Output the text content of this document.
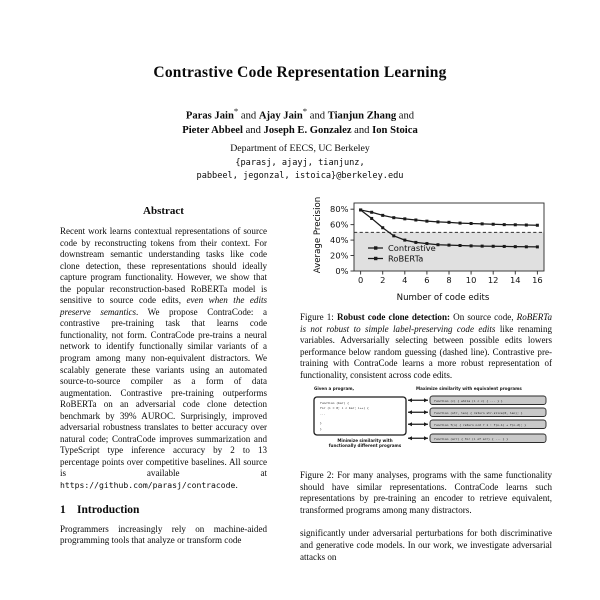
Contrastive Code Representation Learning
Paras Jain* and Ajay Jain* and Tianjun Zhang and
Pieter Abbeel and Joseph E. Gonzalez and Ion Stoica
Department of EECS, UC Berkeley
{parasj, ajayj, tianjunz,
pabbeel, jegonzal, istoica}@berkeley.edu
Abstract

Recent work learns contextual representations of source code by reconstructing tokens from their context. For downstream semantic understanding tasks like code clone detection, these representations should ideally capture program functionality. However, we show that the popular reconstruction-based RoBERTa model is sensitive to source code edits, even when the edits preserve semantics. We propose ContraCode: a contrastive pre-training task that learns code functionality, not form. ContraCode pre-trains a neural network to identify functionally similar variants of a program among many non-equivalent distractors. We scalably generate these variants using an automated source-to-source compiler as a form of data augmentation. Contrastive pre-training outperforms RoBERTa on an adversarial code clone detection benchmark by 39% AUROC. Surprisingly, improved adversarial robustness translates to better accuracy over natural code; ContraCode improves summarization and TypeScript type inference accuracy by 2 to 13 percentage points over competitive baselines. All source is available at https://github.com/parasj/contracode.

1 Introduction

Programmers increasingly rely on machine-aided programming tools that analyze or transform code

Average Precision
Number of code edits
0%
20%
40%
60%
80%
0 2 4 6 8 10 12 14 16
Contrastive
RoBERTa

Figure 1: Robust code clone detection: On source code, RoBERTa is not robust to simple label-preserving code edits like renaming variables. Adversarially selecting between possible edits lowers performance below random guessing (dashed line). Contrastive pre-training with ContraCode learns a more robust representation of functionality, consistent across code edits.

function (bar) {
for (i = 0; i < bar; i++) {
...
}
}
function (c) { while (i < c) { ... } }
function (str, len) { return str.slice(0, len); }
function f(n) { return n<2 ? 1 : f(n-1) + f(n-2); }
function (arr) { for (i of arr) { ... } }
Given a program,	Maximize similarity with equivalent programs
Minimize similarity with
functionally different programs

Figure 2: For many analyses, programs with the same functionality should have similar representations. ContraCode learns such representations by pre-training an encoder to retrieve equivalent, transformed programs among many distractors.

significantly under adversarial perturbations for both discriminative and generative code models. In our work, we investigate adversarial attacks on
